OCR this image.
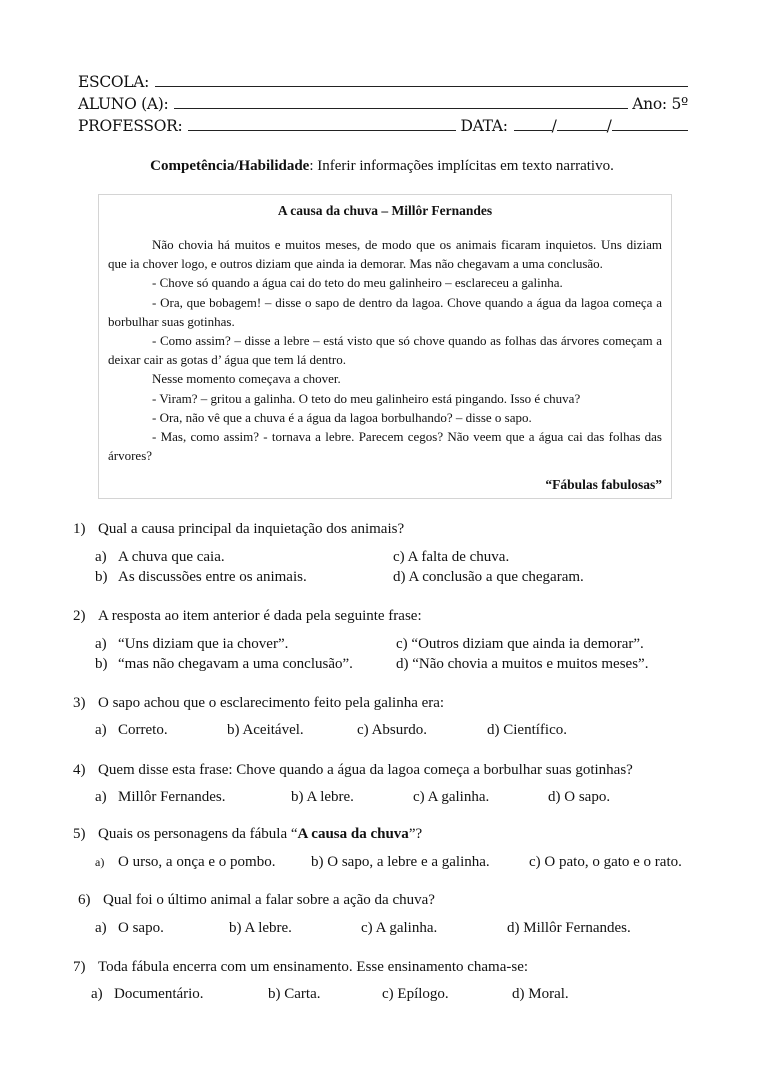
ESCOLA:
ALUNO (A):	Ano: 5º
PROFESSOR:	DATA:	/	/
Competência/Habilidade: Inferir informações implícitas em texto narrativo.
A causa da chuva – Millôr Fernandes

Não chovia há muitos e muitos meses, de modo que os animais ficaram inquietos. Uns diziam que ia chover logo, e outros diziam que ainda ia demorar. Mas não chegavam a uma conclusão.

- Chove só quando a água cai do teto do meu galinheiro – esclareceu a galinha.

- Ora, que bobagem! – disse o sapo de dentro da lagoa. Chove quando a água da lagoa começa a borbulhar suas gotinhas.

- Como assim? – disse a lebre – está visto que só chove quando as folhas das árvores começam a deixar cair as gotas d’ água que tem lá dentro.

Nesse momento começava a chover.

- Viram? – gritou a galinha. O teto do meu galinheiro está pingando. Isso é chuva?

- Ora, não vê que a chuva é a água da lagoa borbulhando? – disse o sapo.

- Mas, como assim? - tornava a lebre. Parecem cegos? Não veem que a água cai das folhas das árvores?

“Fábulas fabulosas”
1) Qual a causa principal da inquietação dos animais?
a) A chuva que caia.
b) As discussões entre os animais.
c) A falta de chuva.
d) A conclusão a que chegaram.
2) A resposta ao item anterior é dada pela seguinte frase:
a) “Uns diziam que ia chover”.
b) “mas não chegavam a uma conclusão”.
c) “Outros diziam que ainda ia demorar”.
d) “Não chovia a muitos e muitos meses”.
3) O sapo achou que o esclarecimento feito pela galinha era:
a) Correto.	b) Aceitável.	c) Absurdo.	d) Científico.
4) Quem disse esta frase: Chove quando a água da lagoa começa a borbulhar suas gotinhas?
a) Millôr Fernandes.	b) A lebre.	c) A galinha.	d) O sapo.
5) Quais os personagens da fábula “A causa da chuva”?
a) O urso, a onça e o pombo. b) O sapo, a lebre e a galinha.	c) O pato, o gato e o rato.
6) Qual foi o último animal a falar sobre a ação da chuva?
a) O sapo.	b) A lebre.	c) A galinha.	d) Millôr Fernandes.
7) Toda fábula encerra com um ensinamento. Esse ensinamento chama-se:
a) Documentário.	b) Carta.	c) Epílogo.	d) Moral.
